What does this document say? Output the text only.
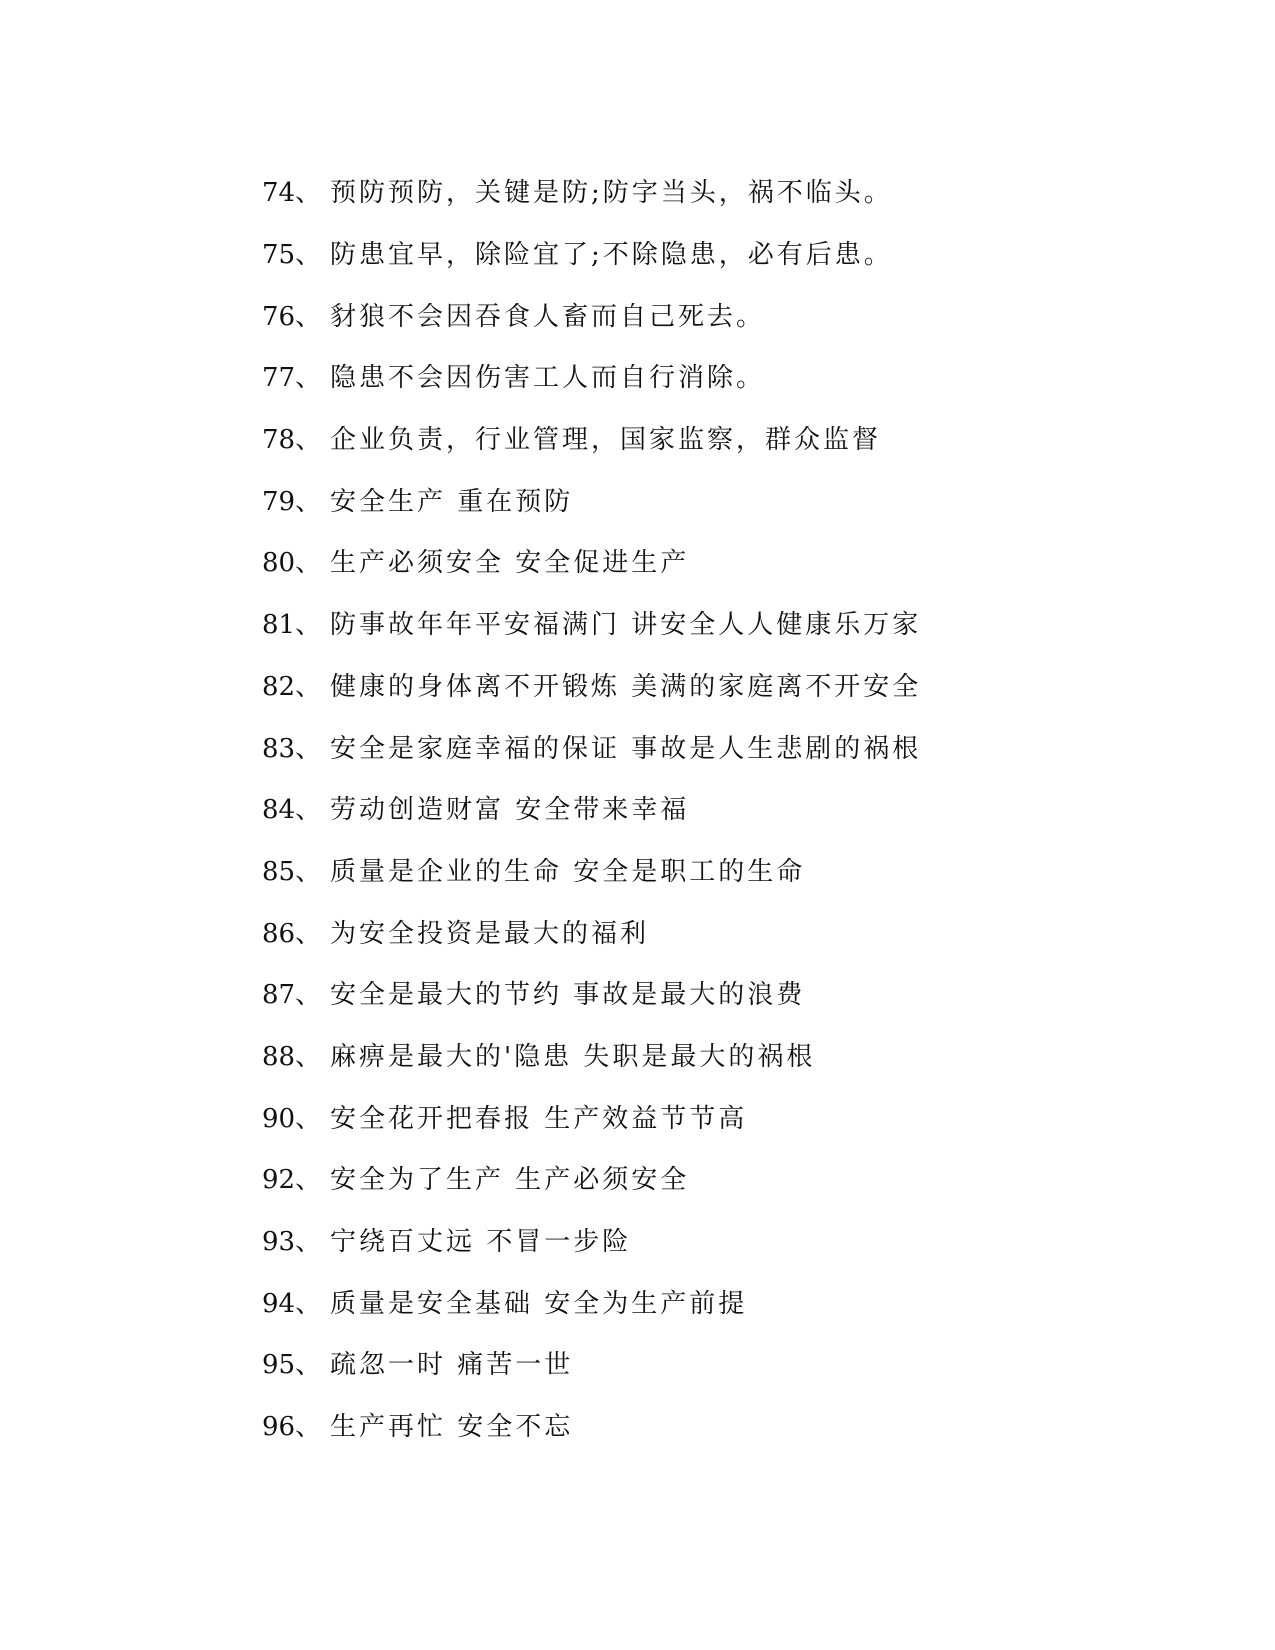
74、 预防预防，关键是防;防字当头，祸不临头。
75、 防患宜早，除险宜了;不除隐患，必有后患。
76、 豺狼不会因吞食人畜而自己死去。
77、 隐患不会因伤害工人而自行消除。
78、 企业负责，行业管理，国家监察，群众监督
79、 安全生产 重在预防
80、 生产必须安全 安全促进生产
81、 防事故年年平安福满门 讲安全人人健康乐万家
82、 健康的身体离不开锻炼 美满的家庭离不开安全
83、 安全是家庭幸福的保证 事故是人生悲剧的祸根
84、 劳动创造财富 安全带来幸福
85、 质量是企业的生命 安全是职工的生命
86、 为安全投资是最大的福利
87、 安全是最大的节约 事故是最大的浪费
88、 麻痹是最大的'隐患 失职是最大的祸根
90、 安全花开把春报 生产效益节节高
92、 安全为了生产 生产必须安全
93、 宁绕百丈远 不冒一步险
94、 质量是安全基础 安全为生产前提
95、 疏忽一时 痛苦一世
96、 生产再忙 安全不忘
